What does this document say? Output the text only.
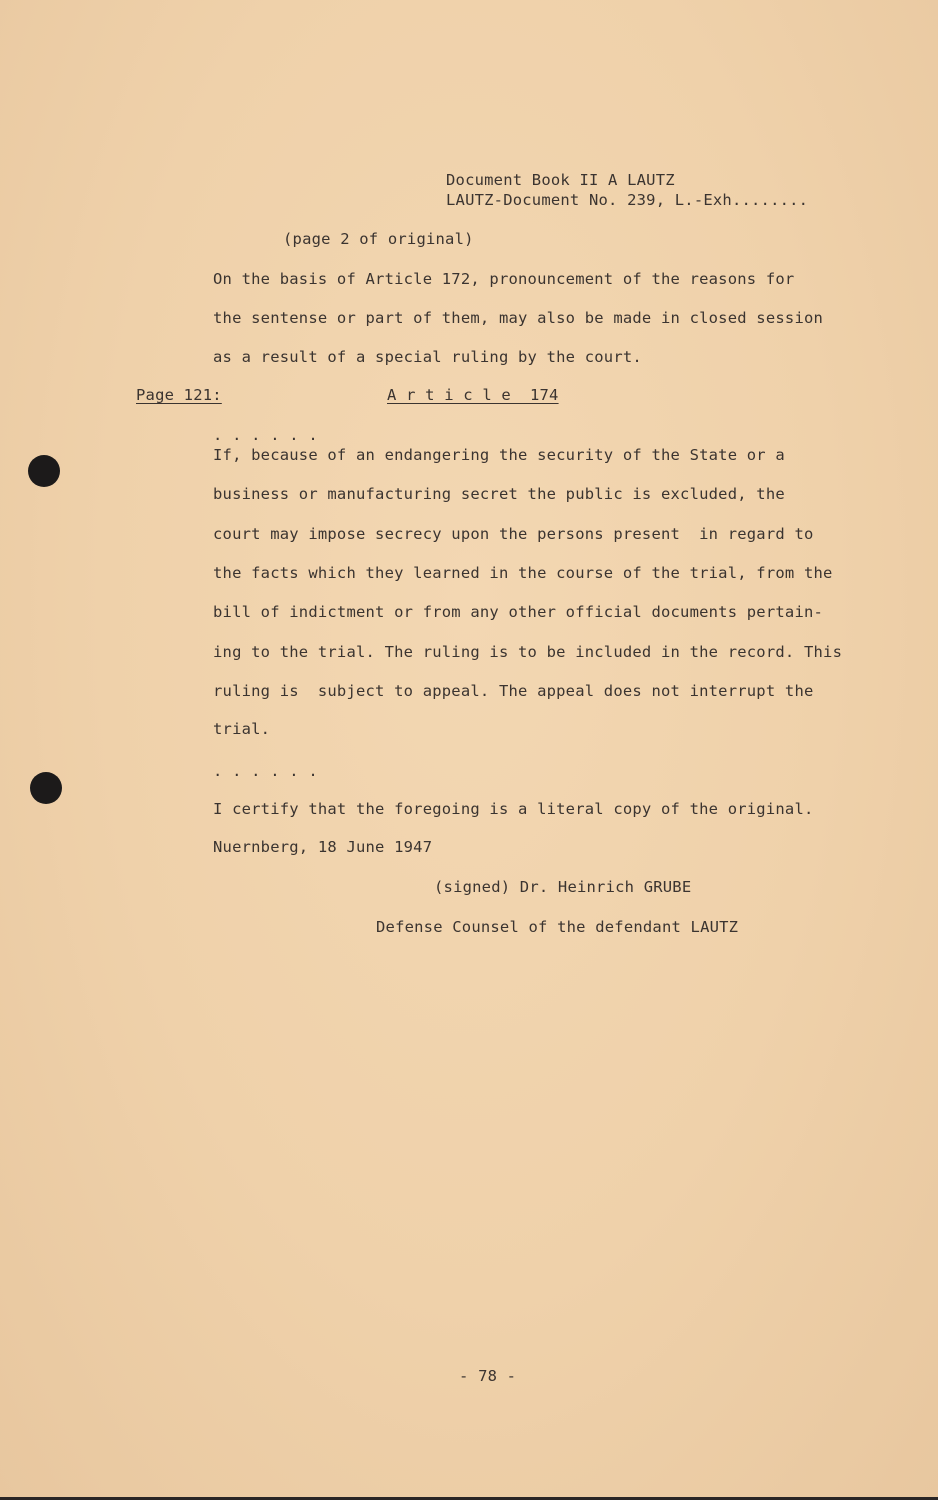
Document Book II A LAUTZ
LAUTZ-Document No. 239, L.-Exh........
(page 2 of original)
On the basis of Article 172, pronouncement of the reasons for
the sentense or part of them, may also be made in closed session
as a result of a special ruling by the court.
Page 121:	A r t i c l e  174
. . . . . .
If, because of an endangering the security of the State or a
business or manufacturing secret the public is excluded, the
court may impose secrecy upon the persons present  in regard to
the facts which they learned in the course of the trial, from the
bill of indictment or from any other official documents pertain-
ing to the trial. The ruling is to be included in the record. This
ruling is  subject to appeal. The appeal does not interrupt the
trial.
. . . . . .
I certify that the foregoing is a literal copy of the original.
Nuernberg, 18 June 1947
(signed) Dr. Heinrich GRUBE
Defense Counsel of the defendant LAUTZ
- 78 -
